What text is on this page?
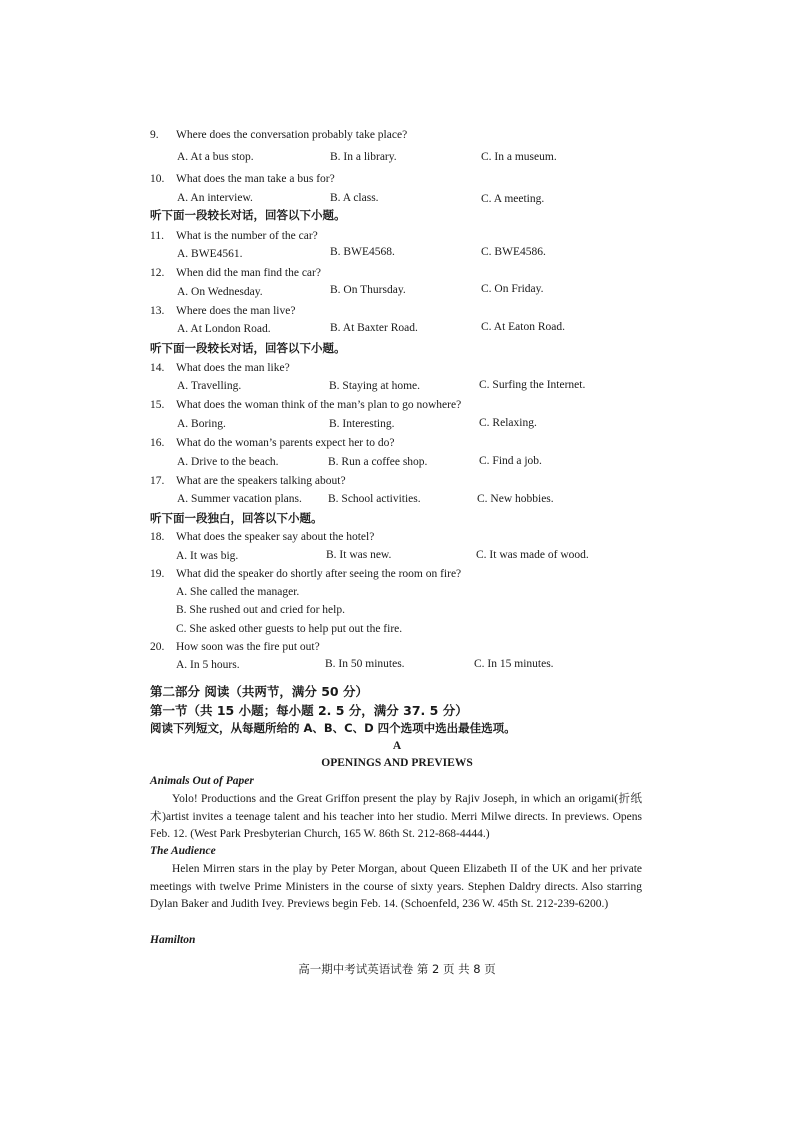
9. Where does the conversation probably take place?
A. At a bus stop.	B. In a library.	C. In a museum.
10. What does the man take a bus for?
A. An interview.	B. A class.	C. A meeting.
听下面一段较长对话，回答以下小题。
11. What is the number of the car?
A. BWE4561.	B. BWE4568.	C. BWE4586.
12. When did the man find the car?
A. On Wednesday.	B. On Thursday.	C. On Friday.
13. Where does the man live?
A. At London Road.	B. At Baxter Road.	C. At Eaton Road.
听下面一段较长对话，回答以下小题。
14. What does the man like?
A. Travelling.	B. Staying at home.	C. Surfing the Internet.
15. What does the woman think of the man’s plan to go nowhere?
A. Boring.	B. Interesting.	C. Relaxing.
16. What do the woman’s parents expect her to do?
A. Drive to the beach.	B. Run a coffee shop.	C. Find a job.
17. What are the speakers talking about?
A. Summer vacation plans. B. School activities.	C. New hobbies.
听下面一段独白，回答以下小题。
18. What does the speaker say about the hotel?
A. It was big.	B. It was new.	C. It was made of wood.
19. What did the speaker do shortly after seeing the room on fire?
A. She called the manager.
B. She rushed out and cried for help.
C. She asked other guests to help put out the fire.
20. How soon was the fire put out?
A. In 5 hours.	B. In 50 minutes.	C. In 15 minutes.
第二部分 阅读（共两节，满分 50 分）
第一节（共 15 小题；每小题 2. 5 分，满分 37. 5 分）
阅读下列短文，从每题所给的 A、B、C、D 四个选项中选出最佳选项。
A
OPENINGS AND PREVIEWS
Animals Out of Paper
Yolo! Productions and the Great Griffon present the play by Rajiv Joseph, in which an origami(折纸术)artist invites a teenage talent and his teacher into her studio. Merri Milwe directs. In previews. Opens Feb. 12. (West Park Presbyterian Church, 165 W. 86th St. 212-868-4444.)
The Audience
Helen Mirren stars in the play by Peter Morgan, about Queen Elizabeth II of the UK and her private meetings with twelve Prime Ministers in the course of sixty years. Stephen Daldry directs. Also starring Dylan Baker and Judith Ivey. Previews begin Feb. 14. (Schoenfeld, 236 W. 45th St. 212-239-6200.)
Hamilton
高一期中考试英语试卷 第 2 页 共 8 页
